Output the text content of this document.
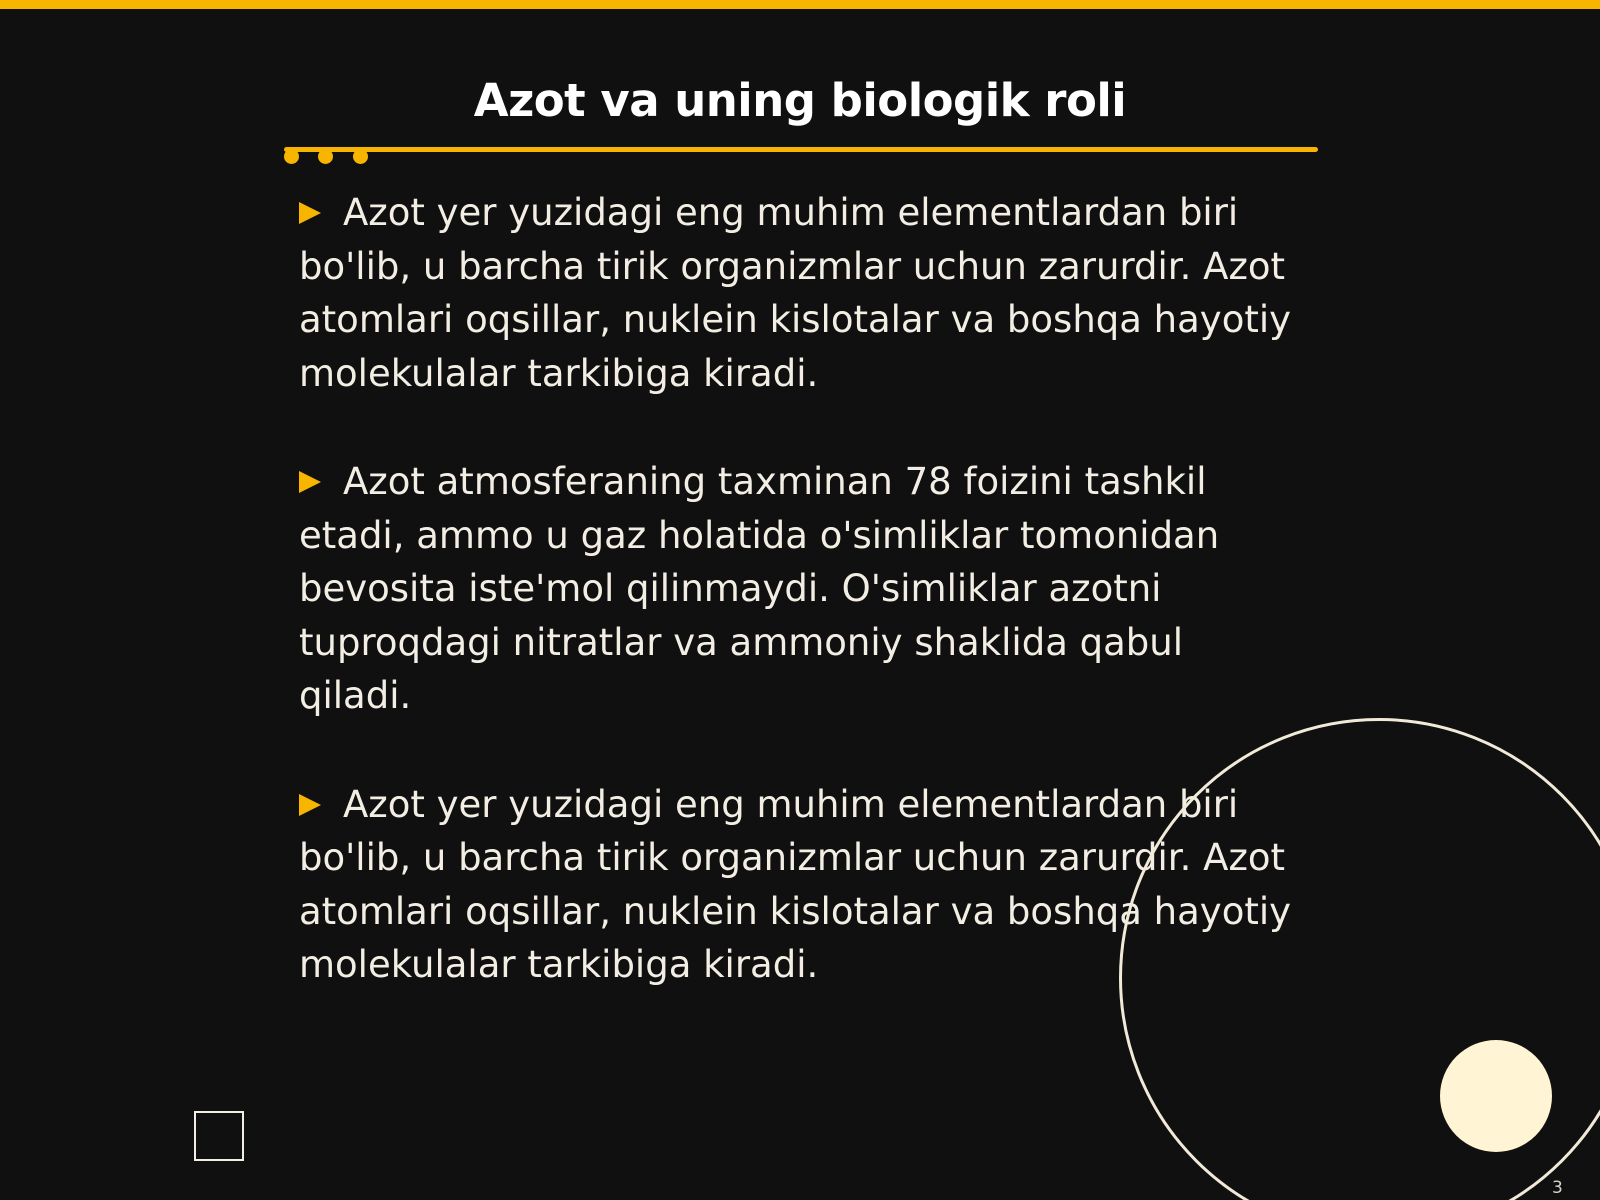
Azot va uning biologik roli

Azot yer yuzidagi eng muhim elementlardan biri bo'lib, u barcha tirik organizmlar uchun zarurdir. Azot atomlari oqsillar, nuklein kislotalar va boshqa hayotiy molekulalar tarkibiga kiradi.

Azot atmosferaning taxminan 78 foizini tashkil etadi, ammo u gaz holatida o'simliklar tomonidan bevosita iste'mol qilinmaydi. O'simliklar azotni tuproqdagi nitratlar va ammoniy shaklida qabul qiladi.

Azot yer yuzidagi eng muhim elementlardan biri bo'lib, u barcha tirik organizmlar uchun zarurdir. Azot atomlari oqsillar, nuklein kislotalar va boshqa hayotiy molekulalar tarkibiga kiradi.

3
